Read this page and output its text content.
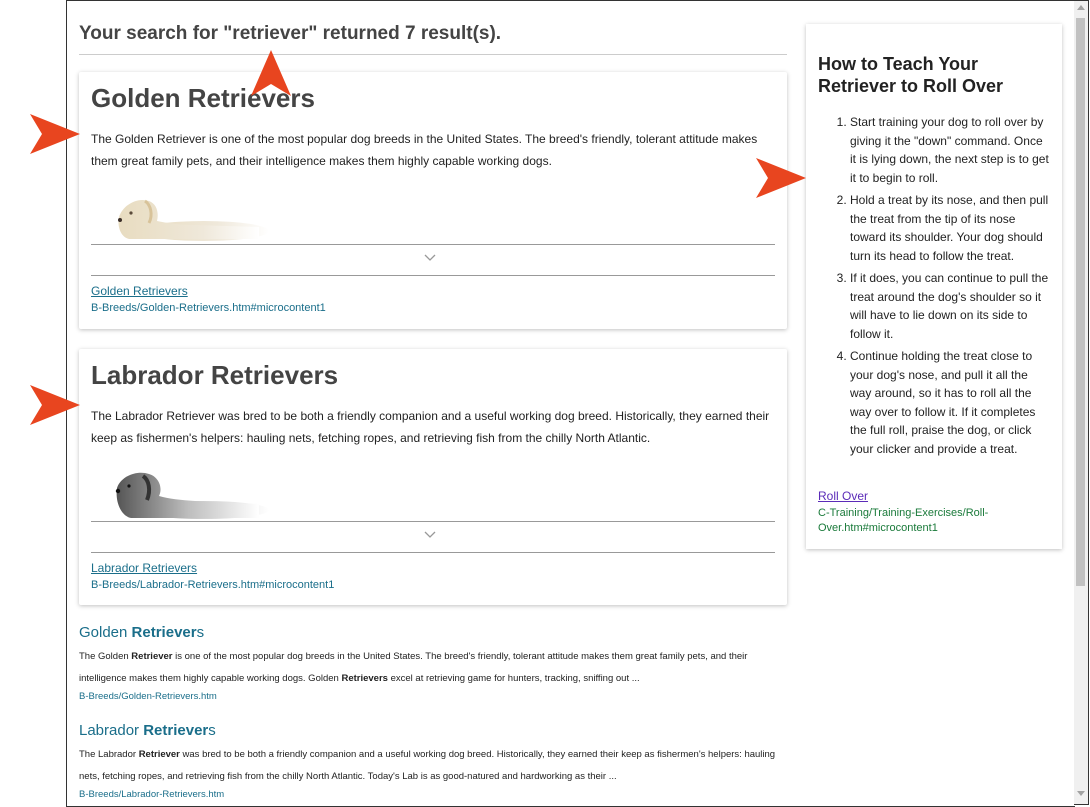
Your search for "retriever" returned 7 result(s).
Golden Retrievers

The Golden Retriever is one of the most popular dog breeds in the United States. The breed's friendly, tolerant attitude makes them great family pets, and their intelligence makes them highly capable working dogs.

Golden Retrievers
B-Breeds/Golden-Retrievers.htm#microcontent1
Labrador Retrievers

The Labrador Retriever was bred to be both a friendly companion and a useful working dog breed. Historically, they earned their keep as fishermen's helpers: hauling nets, fetching ropes, and retrieving fish from the chilly North Atlantic.

Labrador Retrievers
B-Breeds/Labrador-Retrievers.htm#microcontent1
Golden Retrievers
The Golden Retriever is one of the most popular dog breeds in the United States. The breed's friendly, tolerant attitude makes them great family pets, and their intelligence makes them highly capable working dogs. Golden Retrievers excel at retrieving game for hunters, tracking, sniffing out ...
B-Breeds/Golden-Retrievers.htm
Labrador Retrievers
The Labrador Retriever was bred to be both a friendly companion and a useful working dog breed. Historically, they earned their keep as fishermen's helpers: hauling nets, fetching ropes, and retrieving fish from the chilly North Atlantic. Today's Lab is as good-natured and hardworking as their ...
B-Breeds/Labrador-Retrievers.htm
How to Teach Your Retriever to Roll Over
1. Start training your dog to roll over by giving it the "down" command. Once it is lying down, the next step is to get it to begin to roll.
2. Hold a treat by its nose, and then pull the treat from the tip of its nose toward its shoulder. Your dog should turn its head to follow the treat.
3. If it does, you can continue to pull the treat around the dog's shoulder so it will have to lie down on its side to follow it.
4. Continue holding the treat close to your dog's nose, and pull it all the way around, so it has to roll all the way over to follow it. If it completes the full roll, praise the dog, or click your clicker and provide a treat.
Roll Over
C-Training/Training-Exercises/Roll-Over.htm#microcontent1
